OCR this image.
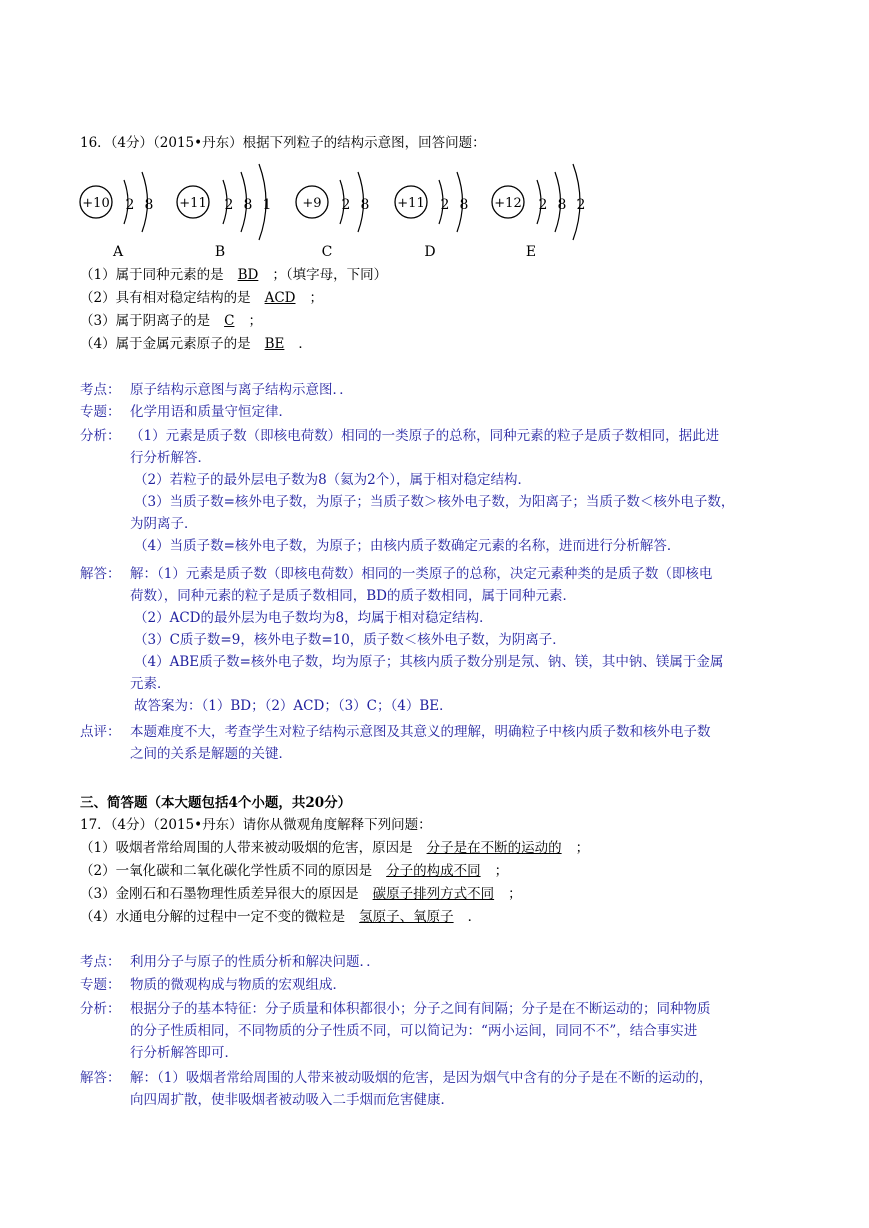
16．（4分）（2015•丹东）根据下列粒子的结构示意图，回答问题：
+10 2 8
A
+11 2 8 1
B
+9 2 8
C
+11 2 8
D
+12 2 8 2
E
（1）属于同种元素的是 BD ；（填字母，下同）
（2）具有相对稳定结构的是 ACD ；
（3）属于阴离子的是 C ；
（4）属于金属元素原子的是 BE ．
考点： 原子结构示意图与离子结构示意图．．
专题： 化学用语和质量守恒定律．
分析： （1）元素是质子数（即核电荷数）相同的一类原子的总称，同种元素的粒子是质子数相同，据此进
行分析解答．
（2）若粒子的最外层电子数为8（氦为2个），属于相对稳定结构．
（3）当质子数=核外电子数，为原子；当质子数＞核外电子数，为阳离子；当质子数＜核外电子数，
为阴离子．
（4）当质子数=核外电子数，为原子；由核内质子数确定元素的名称，进而进行分析解答．
解答： 解：（1）元素是质子数（即核电荷数）相同的一类原子的总称，决定元素种类的是质子数（即核电
荷数），同种元素的粒子是质子数相同，BD的质子数相同，属于同种元素．
（2）ACD的最外层为电子数均为8，均属于相对稳定结构．
（3）C质子数=9，核外电子数=10，质子数＜核外电子数，为阴离子．
（4）ABE质子数=核外电子数，均为原子；其核内质子数分别是氖、钠、镁，其中钠、镁属于金属
元素．
故答案为：（1）BD；（2）ACD；（3）C；（4）BE．
点评： 本题难度不大，考查学生对粒子结构示意图及其意义的理解，明确粒子中核内质子数和核外电子数
之间的关系是解题的关键．
三、简答题（本大题包括4个小题，共20分）
17．（4分）（2015•丹东）请你从微观角度解释下列问题：
（1）吸烟者常给周围的人带来被动吸烟的危害，原因是 分子是在不断的运动的 ；
（2）一氧化碳和二氧化碳化学性质不同的原因是 分子的构成不同 ；
（3）金刚石和石墨物理性质差异很大的原因是 碳原子排列方式不同 ；
（4）水通电分解的过程中一定不变的微粒是 氢原子、氧原子 ．
考点： 利用分子与原子的性质分析和解决问题．．
专题： 物质的微观构成与物质的宏观组成．
分析： 根据分子的基本特征：分子质量和体积都很小；分子之间有间隔；分子是在不断运动的；同种物质
的分子性质相同，不同物质的分子性质不同，可以简记为：“两小运间，同同不不”，结合事实进
行分析解答即可．
解答： 解：（1）吸烟者常给周围的人带来被动吸烟的危害，是因为烟气中含有的分子是在不断的运动的，
向四周扩散，使非吸烟者被动吸入二手烟而危害健康．
